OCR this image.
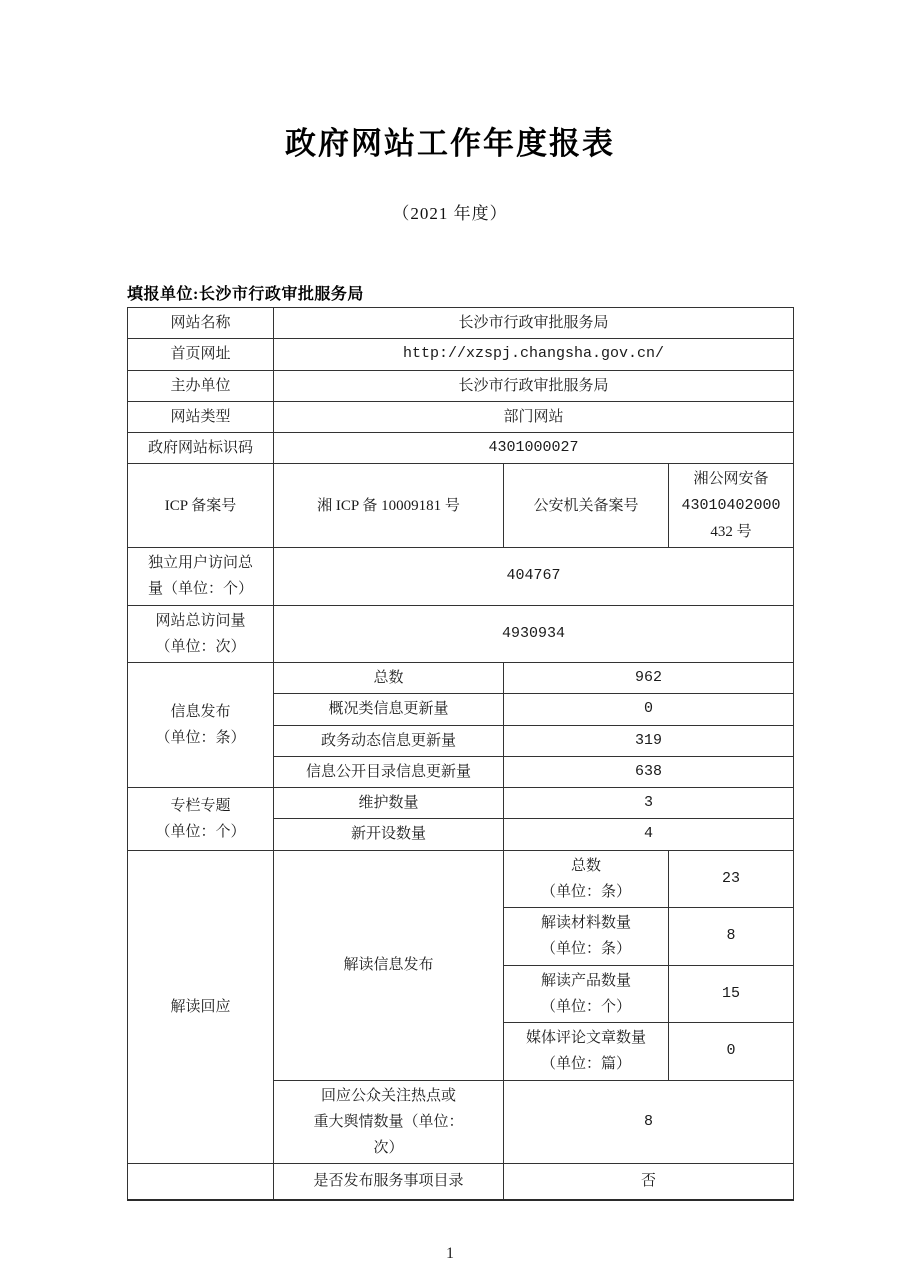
政府网站工作年度报表
（2021 年度）
填报单位:长沙市行政审批服务局
网站名称	长沙市行政审批服务局		
首页网址	http://xzspj.changsha.gov.cn/		
主办单位	长沙市行政审批服务局		
网站类型	部门网站		
政府网站标识码	4301000027		
ICP 备案号	湘 ICP 备 10009181 号	公安机关备案号	湘公网安备
43010402000
432 号

独立用户访问总
量（单位：个）	404767		

网站总访问量
（单位：次）	4930934		

信息发布
（单位：条）	总数	962	
	概况类信息更新量	0	
	政务动态信息更新量	319	
	信息公开目录信息更新量	638	

专栏专题
（单位：个）	维护数量	3	
	新开设数量	4	
解读回应	解读信息发布	总数
（单位：条）	23

		解读材料数量
（单位：条）	8

		解读产品数量
（单位：个）	15

		媒体评论文章数量
（单位：篇）	0

	回应公众关注热点或
重大舆情数量（单位：
次）	8	
	是否发布服务事项目录	否	
1
